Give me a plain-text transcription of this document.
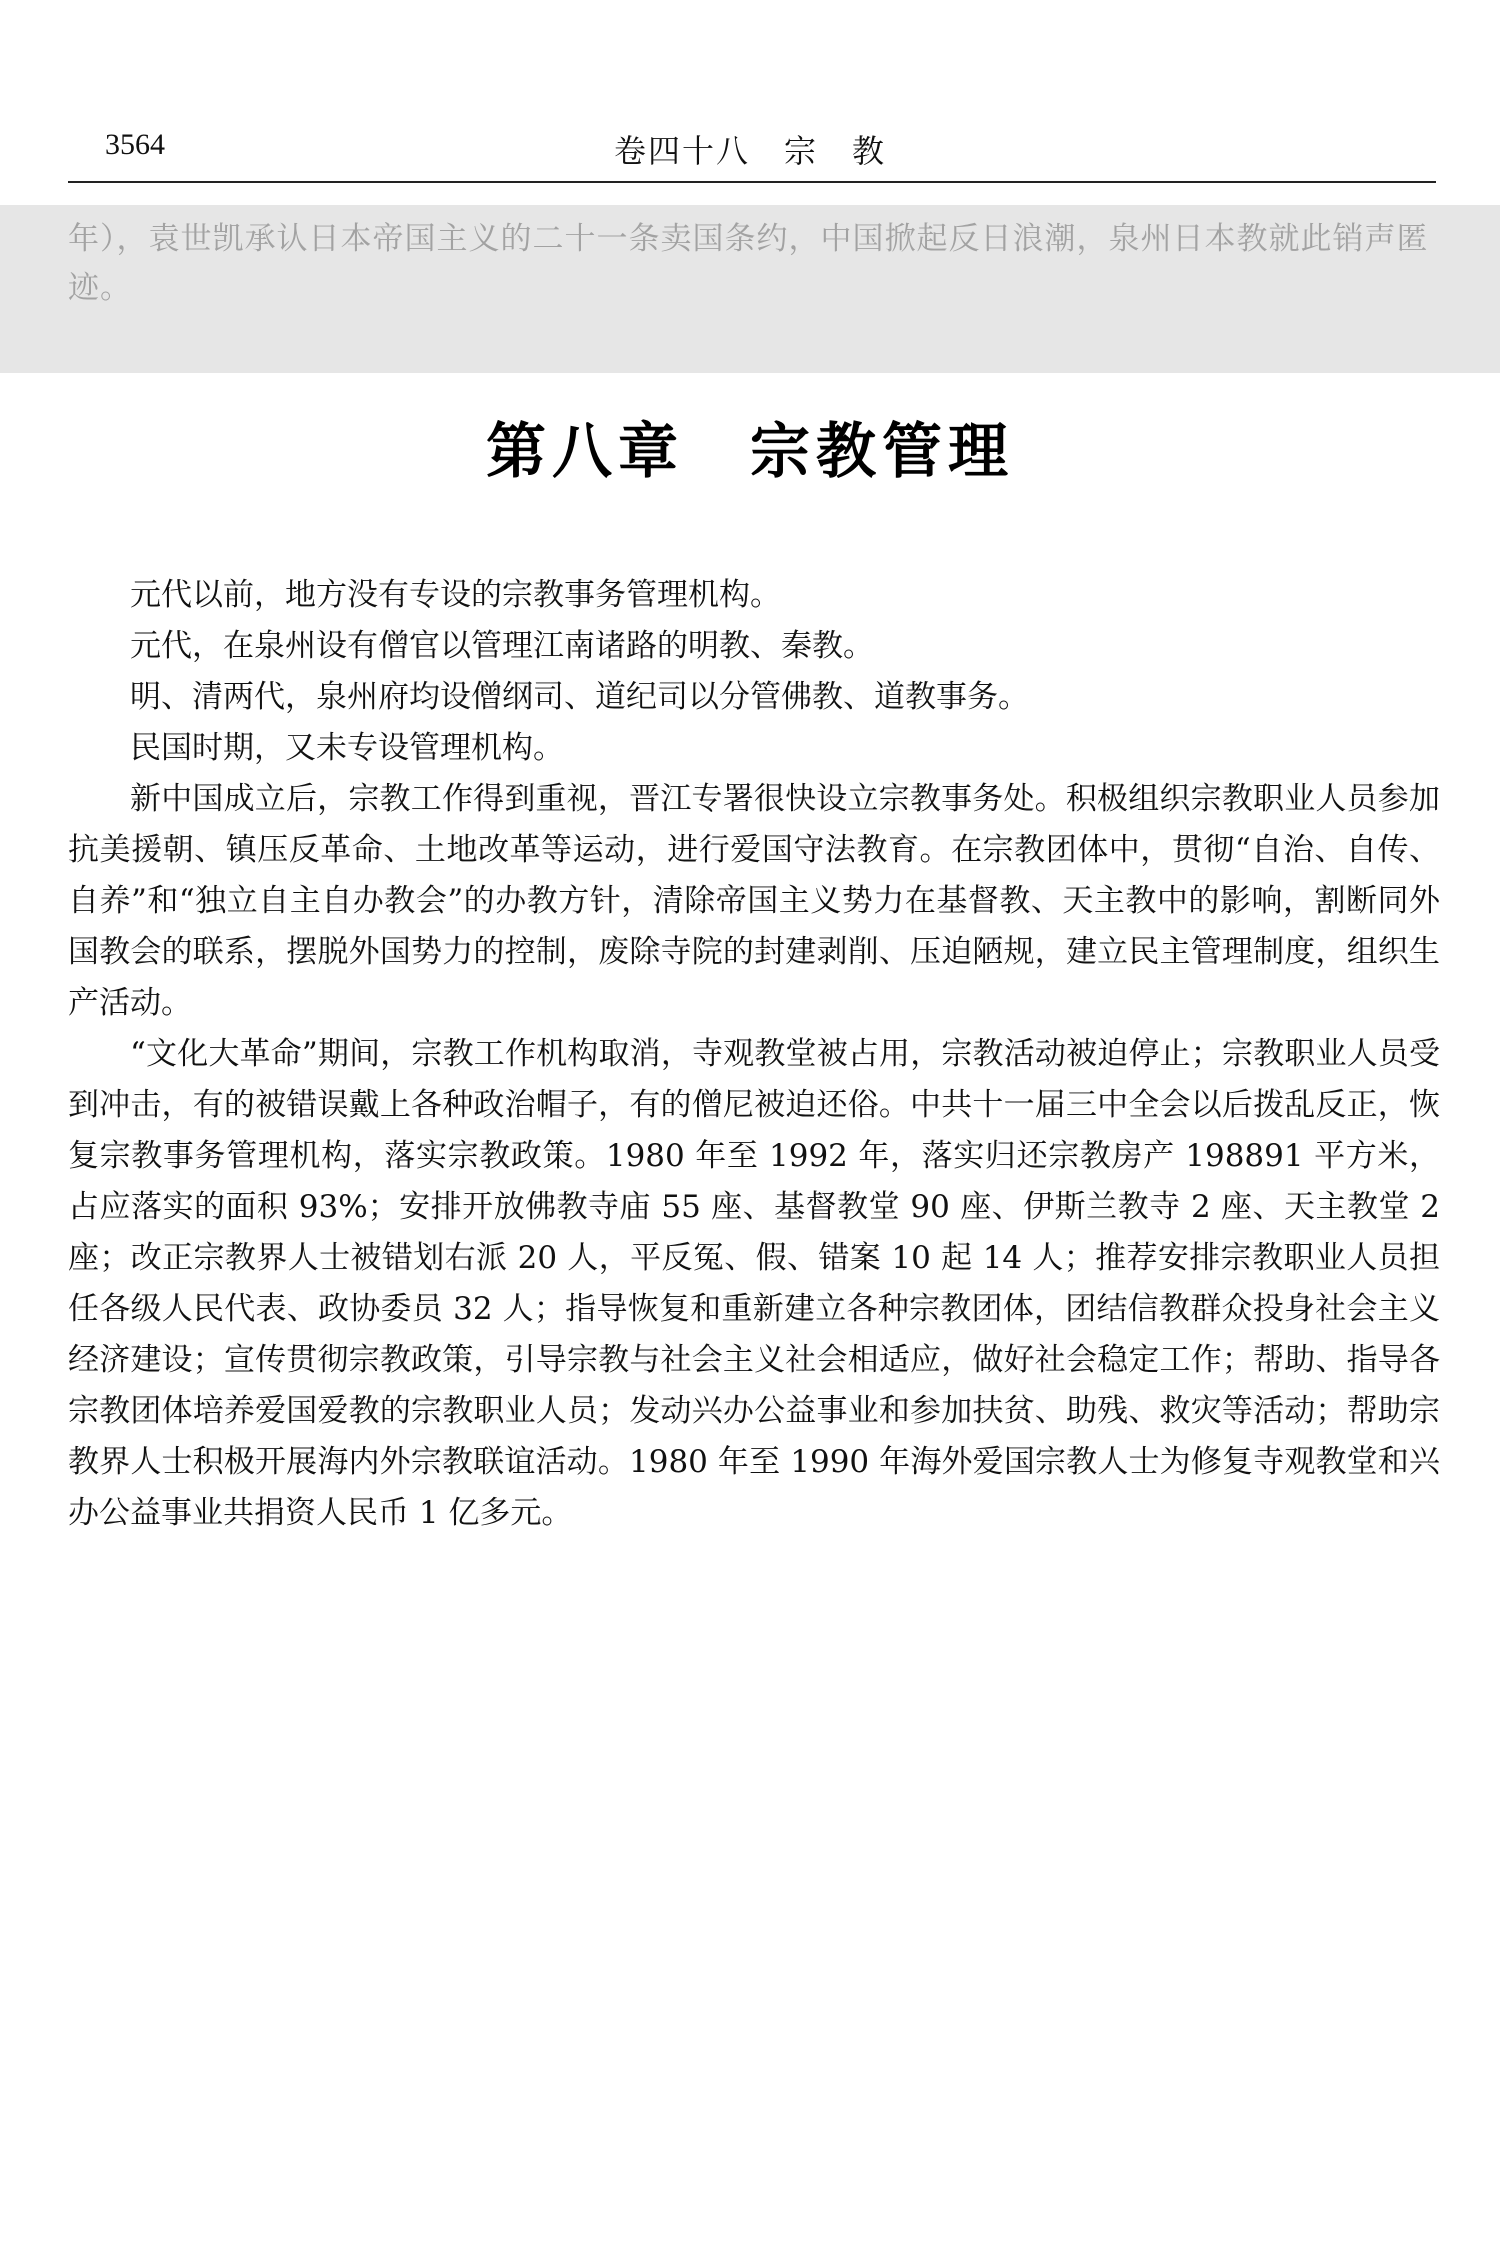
3564	卷四十八　宗　教
年），袁世凯承认日本帝国主义的二十一条卖国条约，中国掀起反日浪潮，泉州日本教就此销声匿迹。
第八章　宗教管理

元代以前，地方没有专设的宗教事务管理机构。

元代，在泉州设有僧官以管理江南诸路的明教、秦教。

明、清两代，泉州府均设僧纲司、道纪司以分管佛教、道教事务。

民国时期，又未专设管理机构。

新中国成立后，宗教工作得到重视，晋江专署很快设立宗教事务处。积极组织宗教职业人员参加抗美援朝、镇压反革命、土地改革等运动，进行爱国守法教育。在宗教团体中，贯彻“自治、自传、自养”和“独立自主自办教会”的办教方针，清除帝国主义势力在基督教、天主教中的影响，割断同外国教会的联系，摆脱外国势力的控制，废除寺院的封建剥削、压迫陋规，建立民主管理制度，组织生产活动。

“文化大革命”期间，宗教工作机构取消，寺观教堂被占用，宗教活动被迫停止；宗教职业人员受到冲击，有的被错误戴上各种政治帽子，有的僧尼被迫还俗。中共十一届三中全会以后拨乱反正，恢复宗教事务管理机构，落实宗教政策。1980 年至 1992 年，落实归还宗教房产 198891 平方米，占应落实的面积 93%；安排开放佛教寺庙 55 座、基督教堂 90 座、伊斯兰教寺 2 座、天主教堂 2 座；改正宗教界人士被错划右派 20 人，平反冤、假、错案 10 起 14 人；推荐安排宗教职业人员担任各级人民代表、政协委员 32 人；指导恢复和重新建立各种宗教团体，团结信教群众投身社会主义经济建设；宣传贯彻宗教政策，引导宗教与社会主义社会相适应，做好社会稳定工作；帮助、指导各宗教团体培养爱国爱教的宗教职业人员；发动兴办公益事业和参加扶贫、助残、救灾等活动；帮助宗教界人士积极开展海内外宗教联谊活动。1980 年至 1990 年海外爱国宗教人士为修复寺观教堂和兴办公益事业共捐资人民币 1 亿多元。
